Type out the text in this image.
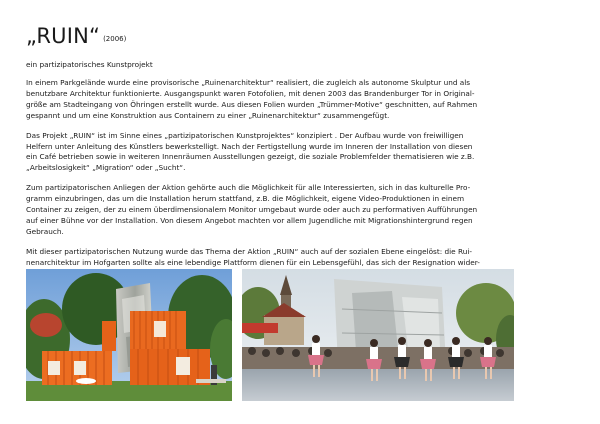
„RUIN“ (2006)
ein partizipatorisches Kunstprojekt
In einem Parkgelände wurde eine provisorische „Ruinenarchitektur“ realisiert, die zugleich als autonome Skulptur und als
benutzbare Architektur funktionierte. Ausgangspunkt waren Fotofolien, mit denen 2003 das Brandenburger Tor in Original-
größe am Stadteingang von Öhringen erstellt wurde. Aus diesen Folien wurden „Trümmer-Motive“ geschnitten, auf Rahmen
gespannt und um eine Konstruktion aus Containern zu einer „Ruinenarchitektur“ zusammengefügt.
Das Projekt „RUIN“ ist im Sinne eines „partizipatorischen Kunstprojektes“ konzipiert . Der Aufbau wurde von freiwilligen
Helfern unter Anleitung des Künstlers bewerkstelligt. Nach der Fertigstellung wurde im Inneren der Installation von diesen
ein Café betrieben sowie in weiteren Innenräumen Ausstellungen gezeigt, die soziale Problemfelder thematisieren wie z.B.
„Arbeitslosigkeit“ „Migration“ oder „Sucht“.
Zum partizipatorischen Anliegen der Aktion gehörte auch die Möglichkeit für alle Interessierten, sich in das kulturelle Pro-
gramm einzubringen, das um die Installation herum stattfand, z.B. die Möglichkeit, eigene Video-Produktionen in einem
Container zu zeigen, der zu einem überdimensionalem Monitor umgebaut wurde oder auch zu performativen Aufführungen
auf einer Bühne vor der Installation. Von diesem Angebot machten vor allem Jugendliche mit Migrationshintergrund regen
Gebrauch.
Mit dieser partizipatorischen Nutzung wurde das Thema der Aktion „RUIN“ auch auf der sozialen Ebene eingelöst: die Rui-
nenarchitektur im Hofgarten sollte als eine lebendige Plattform dienen für ein Lebensgefühl, das sich der Resignation wider-
